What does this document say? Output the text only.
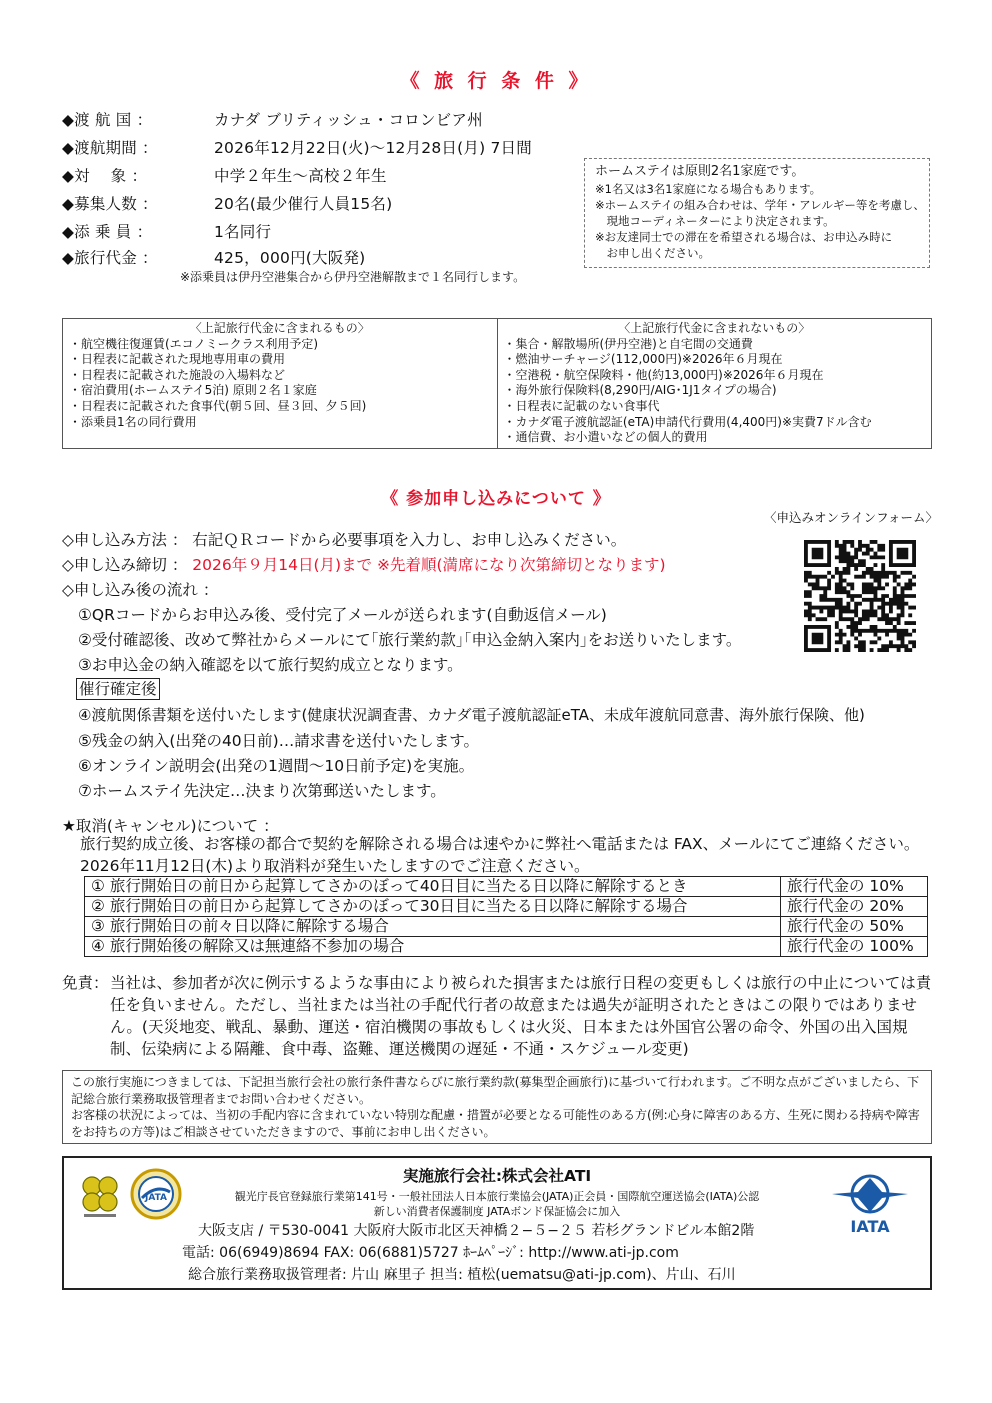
《 旅 行 条 件 》
◆渡 航 国 ：	カナダ ブリティッシュ・コロンビア州
◆渡航期間 ：	2026年12月22日(火)～12月28日(月) 7日間
◆対　 象 ：	中学２年生～高校２年生
◆募集人数 ：	20名(最少催行人員15名)
◆添 乗 員 ：	1名同行
◆旅行代金 ：	425，000円(大阪発)
※添乗員は伊丹空港集合から伊丹空港解散まで１名同行します。
ホームステイは原則2名1家庭です。
※1名又は3名1家庭になる場合もあります。
※ホームステイの組み合わせは、学年・アレルギー等を考慮し、
　現地コーディネーターにより決定されます。
※お友達同士での滞在を希望される場合は、お申込み時に
　お申し出ください。
〈上記旅行代金に含まれるもの〉
・航空機往復運賃(エコノミークラス利用予定)
・日程表に記載された現地専用車の費用
・日程表に記載された施設の入場料など
・宿泊費用(ホームステイ5泊) 原則２名１家庭
・日程表に記載された食事代(朝５回、昼３回、夕５回)
・添乗員1名の同行費用

〈上記旅行代金に含まれないもの〉
・集合・解散場所(伊丹空港)と自宅間の交通費
・燃油サーチャージ(112,000円)※2026年６月現在
・空港税・航空保険料・他(約13,000円)※2026年６月現在
・海外旅行保険料(8,290円/AIG･1J1タイプの場合)
・日程表に記載のない食事代
・カナダ電子渡航認証(eTA)申請代行費用(4,400円)※実費7ドル含む
・通信費、お小遣いなどの個人的費用
《 参加申し込みについて 》
〈申込みオンラインフォーム〉
◇申し込み方法 ： 右記ＱＲコードから必要事項を入力し、お申し込みください。
◇申し込み締切 ： 2026年９月14日(月)まで ※先着順(満席になり次第締切となります)
◇申し込み後の流れ ：
①QRコードからお申込み後、受付完了メールが送られます(自動返信メール)
②受付確認後、改めて弊社からメールにて｢旅行業約款｣｢申込金納入案内｣をお送りいたします。
③お申込金の納入確認を以て旅行契約成立となります。
催行確定後
④渡航関係書類を送付いたします(健康状況調査書、カナダ電子渡航認証eTA、未成年渡航同意書、海外旅行保険、他)
⑤残金の納入(出発の40日前)…請求書を送付いたします。
⑥オンライン説明会(出発の1週間～10日前予定)を実施。
⑦ホームステイ先決定…決まり次第郵送いたします。
★取消(キャンセル)について ：
旅行契約成立後、お客様の都合で契約を解除される場合は速やかに弊社へ電話または FAX、メールにてご連絡ください。2026年11月12日(木)より取消料が発生いたしますのでご注意ください。
① 旅行開始日の前日から起算してさかのぼって40日目に当たる日以降に解除するとき	旅行代金の 10%
② 旅行開始日の前日から起算してさかのぼって30日目に当たる日以降に解除する場合	旅行代金の 20%
③ 旅行開始日の前々日以降に解除する場合	旅行代金の 50%
④ 旅行開始後の解除又は無連絡不参加の場合	旅行代金の 100%
免責： 当社は、参加者が次に例示するような事由により被られた損害または旅行日程の変更もしくは旅行の中止については責任を負いません。ただし、当社または当社の手配代行者の故意または過失が証明されたときはこの限りではありません。(天災地変、戦乱、暴動、運送・宿泊機関の事故もしくは火災、日本または外国官公署の命令、外国の出入国規制、伝染病による隔離、食中毒、盗難、運送機関の遅延・不通・スケジュール変更)
この旅行実施につきましては、下記担当旅行会社の旅行条件書ならびに旅行業約款(募集型企画旅行)に基づいて行われます。ご不明な点がございましたら、下記総合旅行業務取扱管理者までお問い合わせください。
お客様の状況によっては、当初の手配内容に含まれていない特別な配慮・措置が必要となる可能性のある方(例:心身に障害のある方、生死に関わる持病や障害をお持ちの方等)はご相談させていただきますので、事前にお申し出ください。
実施旅行会社:株式会社ATI
観光庁長官登録旅行業第141号・一般社団法人日本旅行業協会(JATA)正会員・国際航空運送協会(IATA)公認
新しい消費者保護制度 JATAボンド保証協会に加入
大阪支店 / 〒530-0041 大阪府大阪市北区天神橋２−５−２５ 若杉グランドビル本館2階
電話: 06(6949)8694 FAX: 06(6881)5727 ﾎｰﾑﾍﾟｰｼﾞ: http://www.ati-jp.com
総合旅行業務取扱管理者: 片山 麻里子 担当: 植松(uematsu@ati-jp.com)、片山、石川
JATA
IATA
